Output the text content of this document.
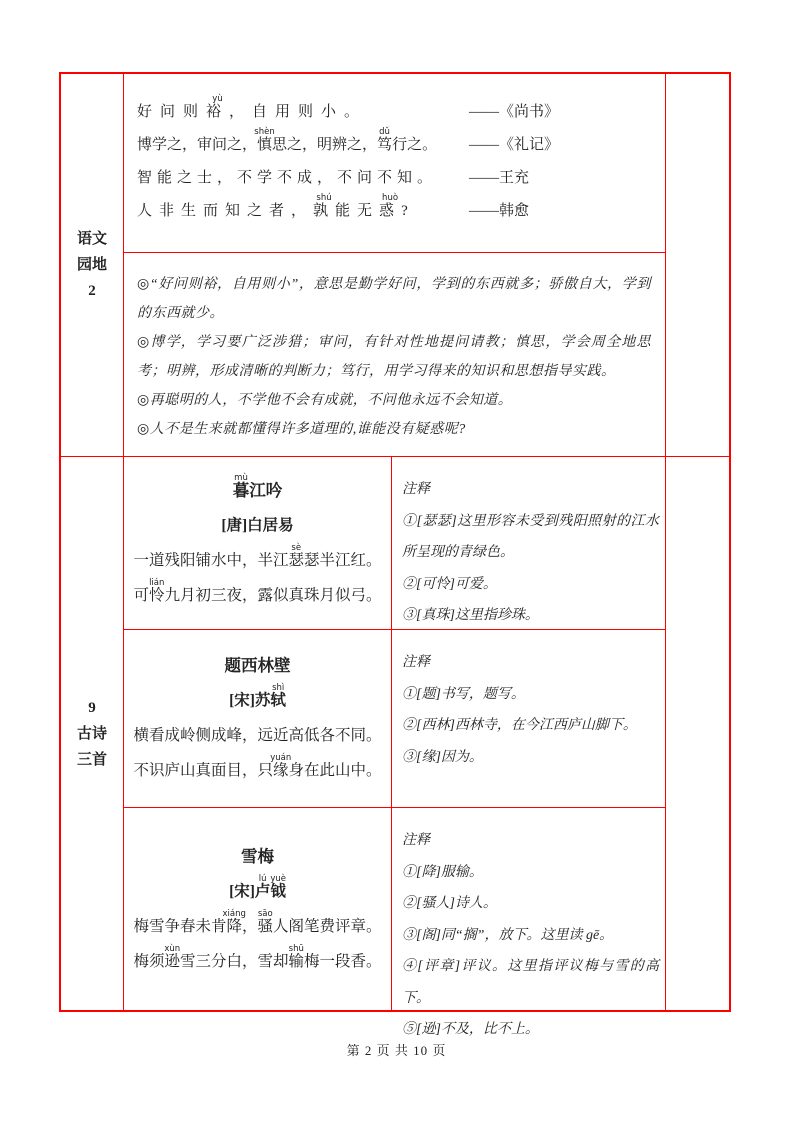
语文
园地
2
好问则裕
yù
，自用则小。	——《尚书》
博学之，审问之，慎
shèn
思之，明辨之，笃
dǔ
行之。 ——《礼记》
智能之士，不学不成，不问不知。 ——王充
人非生而知之者，孰
shú
能无惑
huò
?	——韩愈

◎“好问则裕，自用则小”，意思是勤学好问，学到的东西就多；骄傲自大，学到的东西就少。

◎博学，学习要广泛涉猎；审问，有针对性地提问请教；慎思，学会周全地思考；明辨，形成清晰的判断力；笃行，用学习得来的知识和思想指导实践。

◎再聪明的人，不学他不会有成就，不问他永远不会知道。

◎人不是生来就都懂得许多道理的,谁能没有疑惑呢?

9
古诗
三首
暮
mù
江吟
[唐]白居易
一道残阳铺水中，半江瑟
sè
瑟半江红。
可怜
lián
九月初三夜，露似真珠月似弓。
注释
①[瑟瑟]这里形容未受到残阳照射的江水所呈现的青绿色。
②[可怜]可爱。
③[真珠]这里指珍珠。
题西林壁
[宋]苏轼
shì
横看成岭侧成峰，远近高低各不同。
不识庐山真面目，只缘
yuán
身在此山中。
注释
①[题]书写，题写。
②[西林]西林寺，在今江西庐山脚下。
③[缘]因为。
雪梅
[宋]卢
lú
钺
yuè
梅雪争春未肯降
xiáng
，骚
sāo
人阁笔费评章。
梅须逊
xùn
雪三分白，雪却输
shū
梅一段香。
注释
①[降]服输。
②[骚人]诗人。
③[阁]同“搁”，放下。这里读 gē。
④[评章]评议。这里指评议梅与雪的高下。
⑤[逊]不及，比不上。
第 2 页 共 10 页
